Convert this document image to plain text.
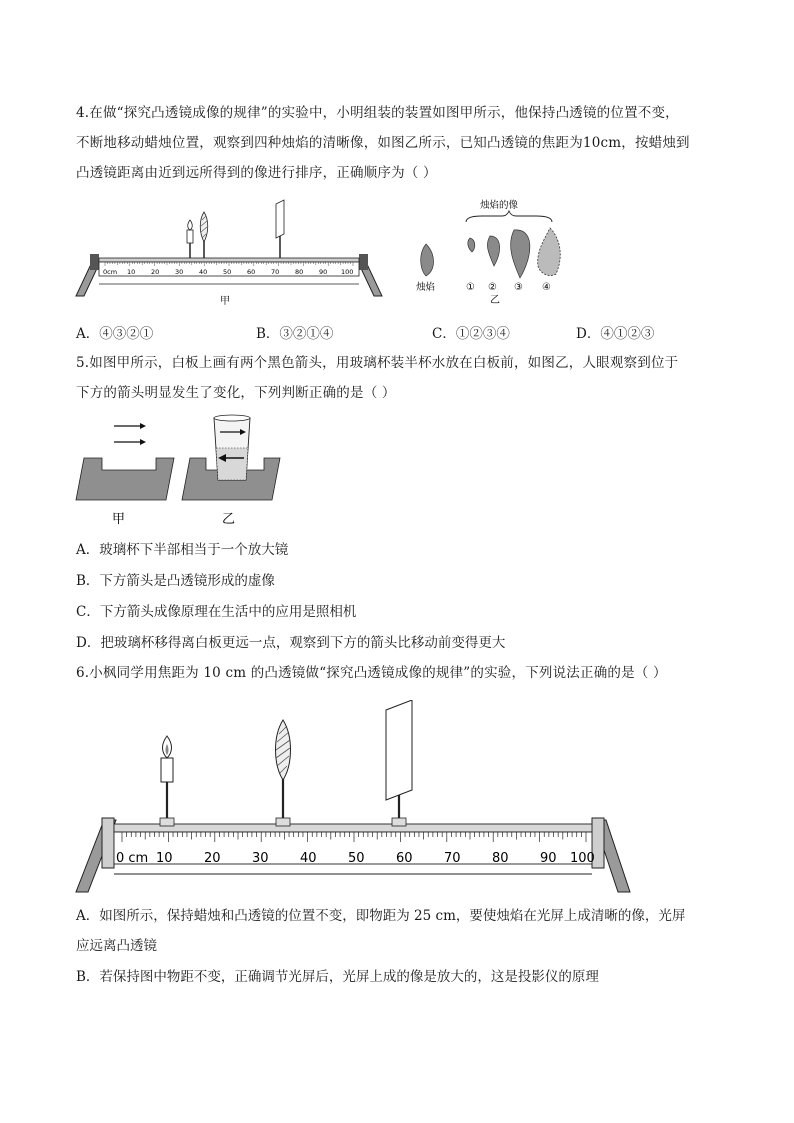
4.在做“探究凸透镜成像的规律”的实验中，小明组装的装置如图甲所示，他保持凸透镜的位置不变，
不断地移动蜡烛位置，观察到四种烛焰的清晰像，如图乙所示，已知凸透镜的焦距为10cm，按蜡烛到
凸透镜距离由近到远所得到的像进行排序，正确顺序为（ ）
0cm 10 20 30 40 50 60 70 80 90 100
甲
烛焰的像
烛焰	① ② ③ ④
乙
A．④③②①	B．③②①④	C．①②③④	D．④①②③
5.如图甲所示，白板上画有两个黑色箭头，用玻璃杯装半杯水放在白板前，如图乙，人眼观察到位于
下方的箭头明显发生了变化，下列判断正确的是（ ）
甲	乙
A．玻璃杯下半部相当于一个放大镜
B．下方箭头是凸透镜形成的虚像
C．下方箭头成像原理在生活中的应用是照相机
D．把玻璃杯移得离白板更远一点，观察到下方的箭头比移动前变得更大
6.小枫同学用焦距为 10 cm 的凸透镜做“探究凸透镜成像的规律”的实验，下列说法正确的是（ ）
0 cm 10 20 30 40 50 60 70 80 90 100
A．如图所示，保持蜡烛和凸透镜的位置不变，即物距为 25 cm，要使烛焰在光屏上成清晰的像，光屏
应远离凸透镜
B．若保持图中物距不变，正确调节光屏后，光屏上成的像是放大的，这是投影仪的原理
